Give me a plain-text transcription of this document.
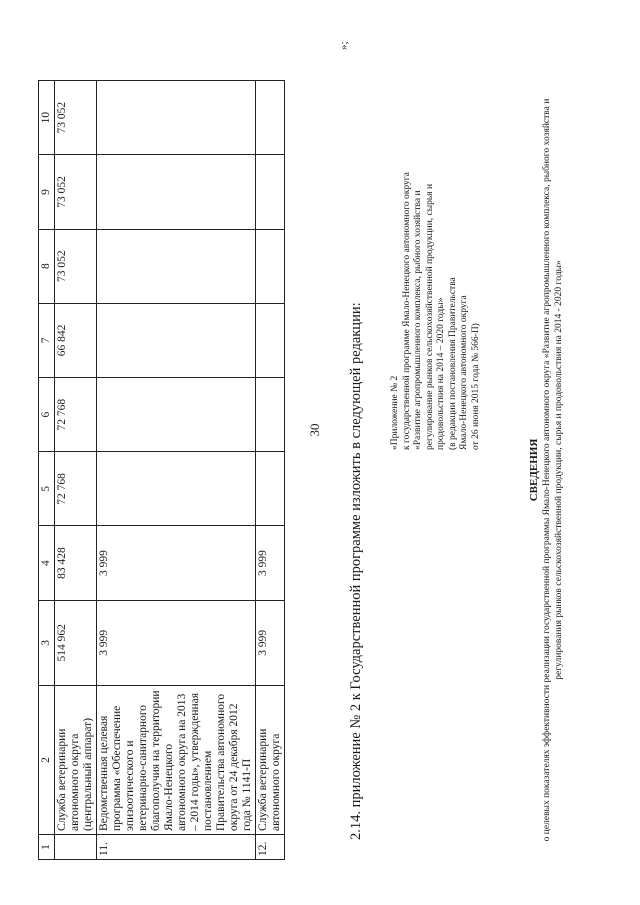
30
1	2	3	4	5	6	7	8	9	10
	Служба ветеринарии автономного округа (центральный аппарат)	514 962	83 428	72 768	72 768	66 842	73 052	73 052	73 052
11.	Ведомственная целевая программа «Обеспечение эпизоотического и ветеринарно-санитарного благополучия на территории Ямало-Ненецкого автономного округа на 2013 – 2014 годы», утвержденная постановлением Правительства автономного округа от 24 декабря 2012 года № 1141-П	3 999	3 999						
12.	Служба ветеринарии автономного округа	3 999	3 999						
»;
2.14. приложение № 2 к Государственной программе изложить в следующей редакции:	«Приложение № 2 к государственной программе Ямало-Ненецкого автономного округа «Развитие агропромышленного комплекса, рыбного хозяйства и регулирование рынков сельскохозяйственной продукции, сырья и продовольствия на 2014 – 2020 годы» (в редакции постановления Правительства Ямало-Ненецкого автономного округа от 26 июня 2015 года № 566-П)
СВЕДЕНИЯ о целевых показателях эффективности реализации государственной программы Ямало-Ненецкого автономного округа «Развитие агропромышленного комплекса, рыбного хозяйства и регулирования рынков сельскохозяйственной продукции, сырья и продовольствия на 2014 - 2020 годы»
